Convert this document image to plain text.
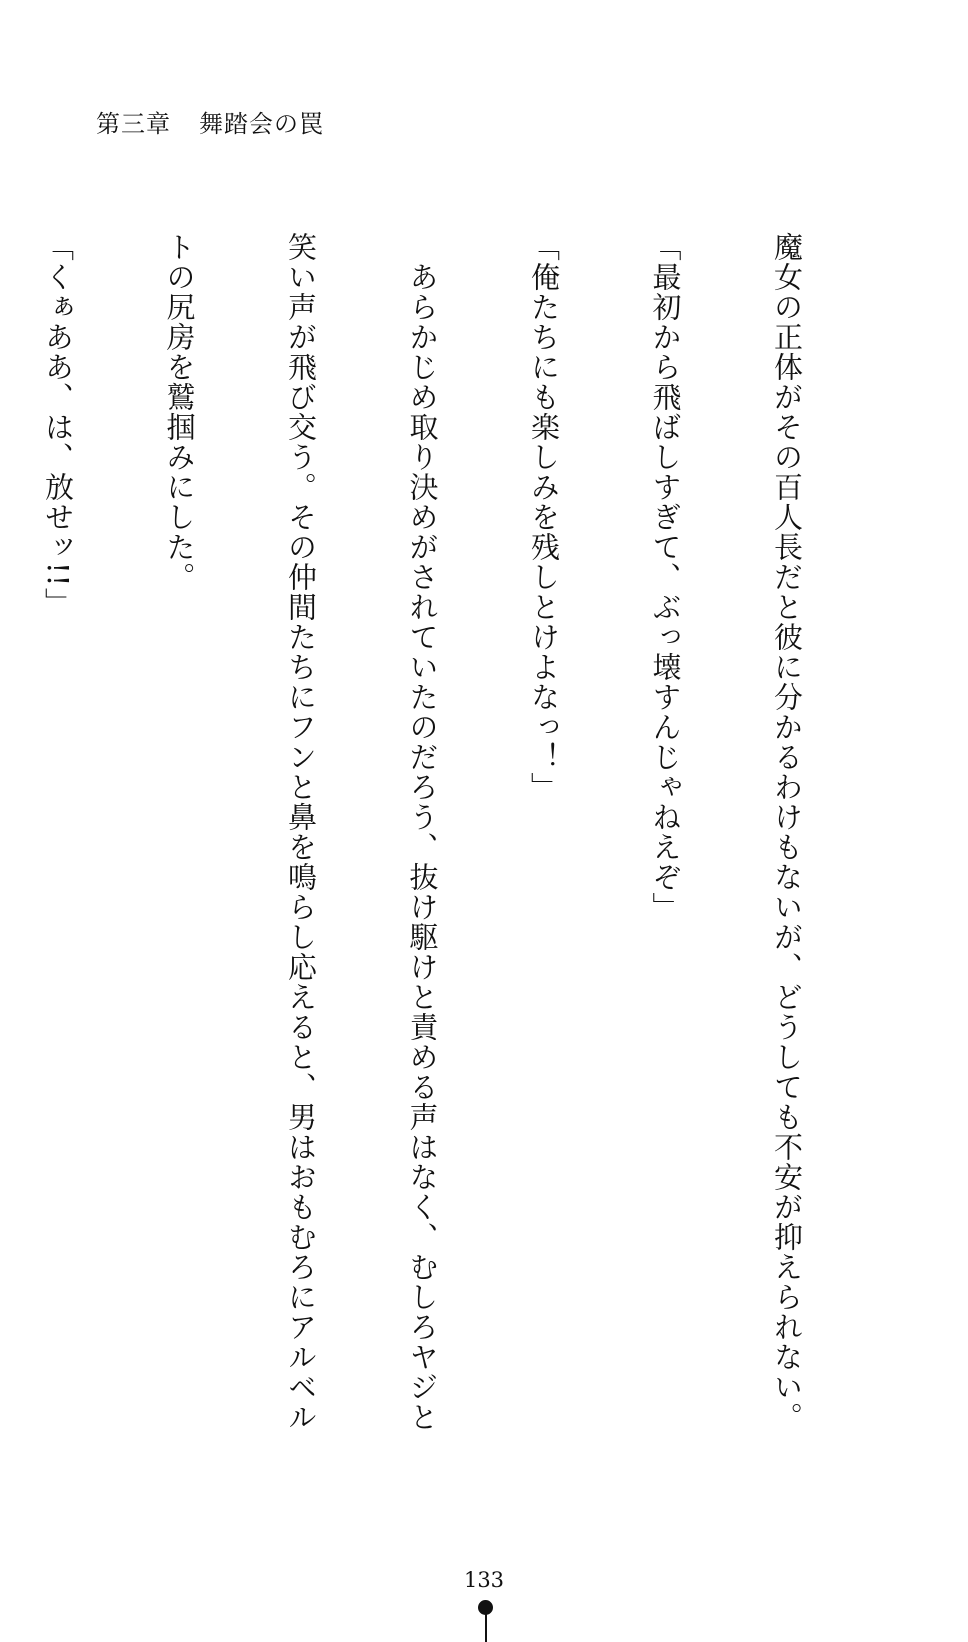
第三章 舞踏会の罠

魔女の正体がその百人長だと彼に分かるわけもないが、どうしても不安が抑えられない。

「最初から飛ばしすぎて、ぶっ壊すんじゃねえぞ」

「俺たちにも楽しみを残しとけよなっ！」

　あらかじめ取り決めがされていたのだろう、抜け駆けと責める声はなく、むしろヤジと

笑い声が飛び交う。その仲間たちにフンと鼻を鳴らし応えると、男はおもむろにアルベル

トの尻房を鷲掴みにした。

「くぁああ、は、放せッ!!」

133
